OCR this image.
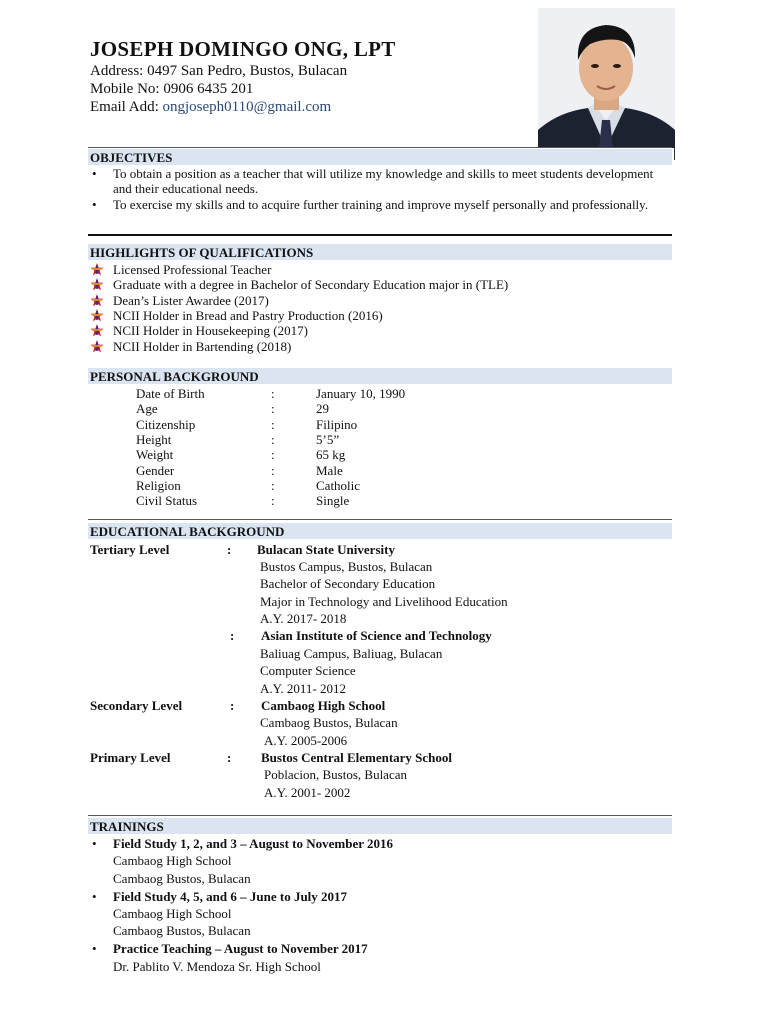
JOSEPH DOMINGO ONG, LPT
Address: 0497 San Pedro, Bustos, Bulacan
Mobile No: 0906 6435 201
Email Add: ongjoseph0110@gmail.com
OBJECTIVES
• To obtain a position as a teacher that will utilize my knowledge and skills to meet students development and their educational needs.
• To exercise my skills and to acquire further training and improve myself personally and professionally.
HIGHLIGHTS OF QUALIFICATIONS
Licensed Professional Teacher
Graduate with a degree in Bachelor of Secondary Education major in (TLE)
Dean’s Lister Awardee (2017)
NCII Holder in Bread and Pastry Production (2016)
NCII Holder in Housekeeping (2017)
NCII Holder in Bartending (2018)
PERSONAL BACKGROUND
Date of Birth	:	January 10, 1990
Age	:	29
Citizenship	:	Filipino
Height	:	5’5”
Weight	:	65 kg
Gender	:	Male
Religion	:	Catholic
Civil Status	:	Single
EDUCATIONAL BACKGROUND
Tertiary Level	: Bulacan State University
Bustos Campus, Bustos, Bulacan
Bachelor of Secondary Education
Major in Technology and Livelihood Education
A.Y. 2017- 2018
: Asian Institute of Science and Technology
Baliuag Campus, Baliuag, Bulacan
Computer Science
A.Y. 2011- 2012
Secondary Level	: Cambaog High School
Cambaog Bustos, Bulacan
A.Y. 2005-2006
Primary Level	: Bustos Central Elementary School
Poblacion, Bustos, Bulacan
A.Y. 2001- 2002
TRAININGS
• Field Study 1, 2, and 3 – August to November 2016
Cambaog High School
Cambaog Bustos, Bulacan
• Field Study 4, 5, and 6 – June to July 2017
Cambaog High School
Cambaog Bustos, Bulacan
• Practice Teaching – August to November 2017
Dr. Pablito V. Mendoza Sr. High School
